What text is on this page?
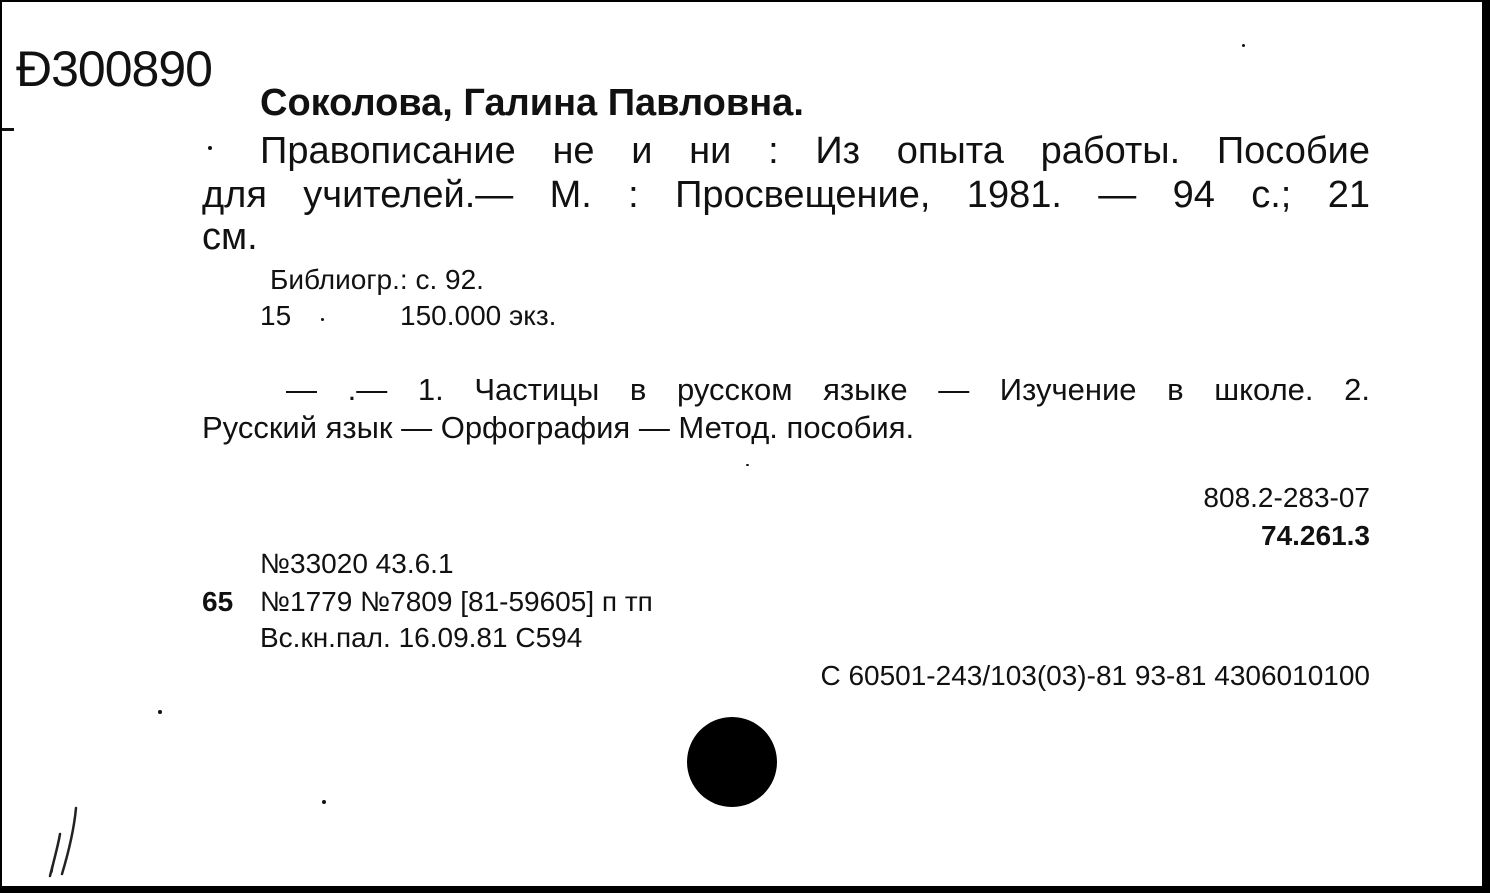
Ð300890
Соколова, Галина Павловна.
Правописание не и ни : Из опыта работы. Пособие
для учителей.— М. : Просвещение, 1981. — 94 с.; 21
см.
Библиогр.: с. 92.
15	150.000 экз.
— .— 1. Частицы в русском языке — Изучение в школе. 2.
Русский язык — Орфография — Метод. пособия.
808.2-283-07
74.261.3
№33020 43.6.1
65 №1779 №7809 [81-59605] п тп
Вс.кн.пал. 16.09.81 С594
С 60501-243/103(03)-81 93-81 4306010100
